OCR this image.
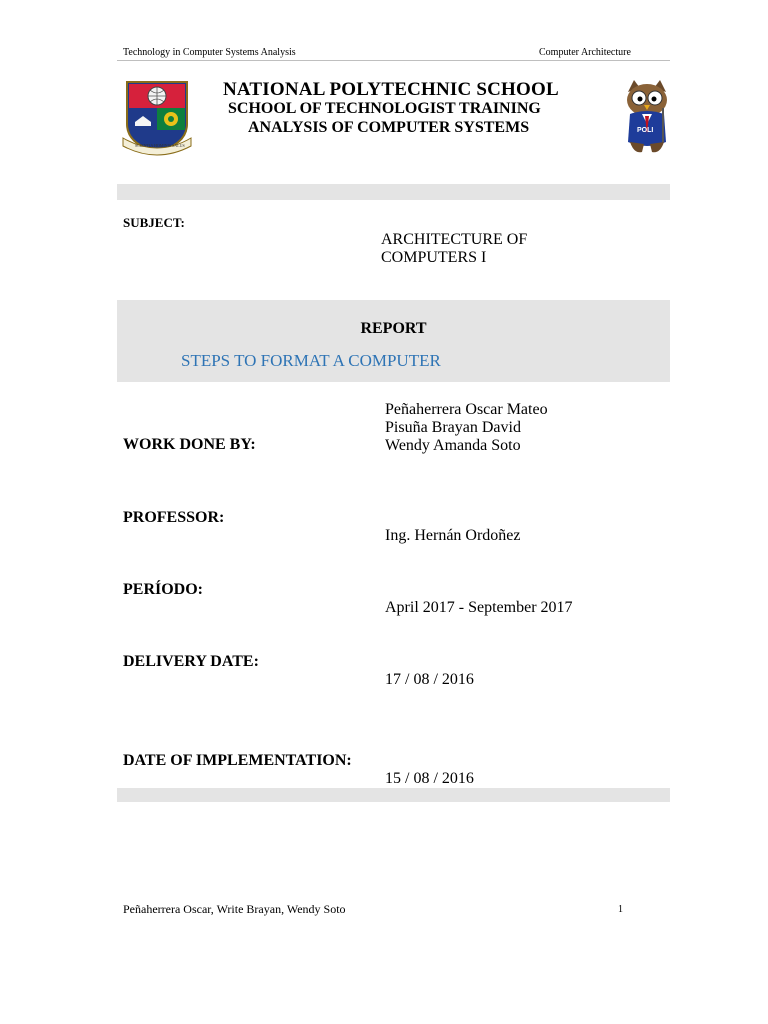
Technology in Computer Systems Analysis	Computer Architecture
SCIENTIA HOMINIS SALUS
POLI
NATIONAL POLYTECHNIC SCHOOL
SCHOOL OF TECHNOLOGIST TRAINING
ANALYSIS OF COMPUTER SYSTEMS
SUBJECT:
ARCHITECTURE OF
COMPUTERS I
REPORT
STEPS TO FORMAT A COMPUTER
Peñaherrera Oscar Mateo
Pisuña Brayan David
Wendy Amanda Soto
WORK DONE BY:
PROFESSOR:
Ing. Hernán Ordoñez
PERÍODO:
April 2017 - September 2017
DELIVERY DATE:
17 / 08 / 2016
DATE OF IMPLEMENTATION:
15 / 08 / 2016
Peñaherrera Oscar, Write Brayan, Wendy Soto	1
